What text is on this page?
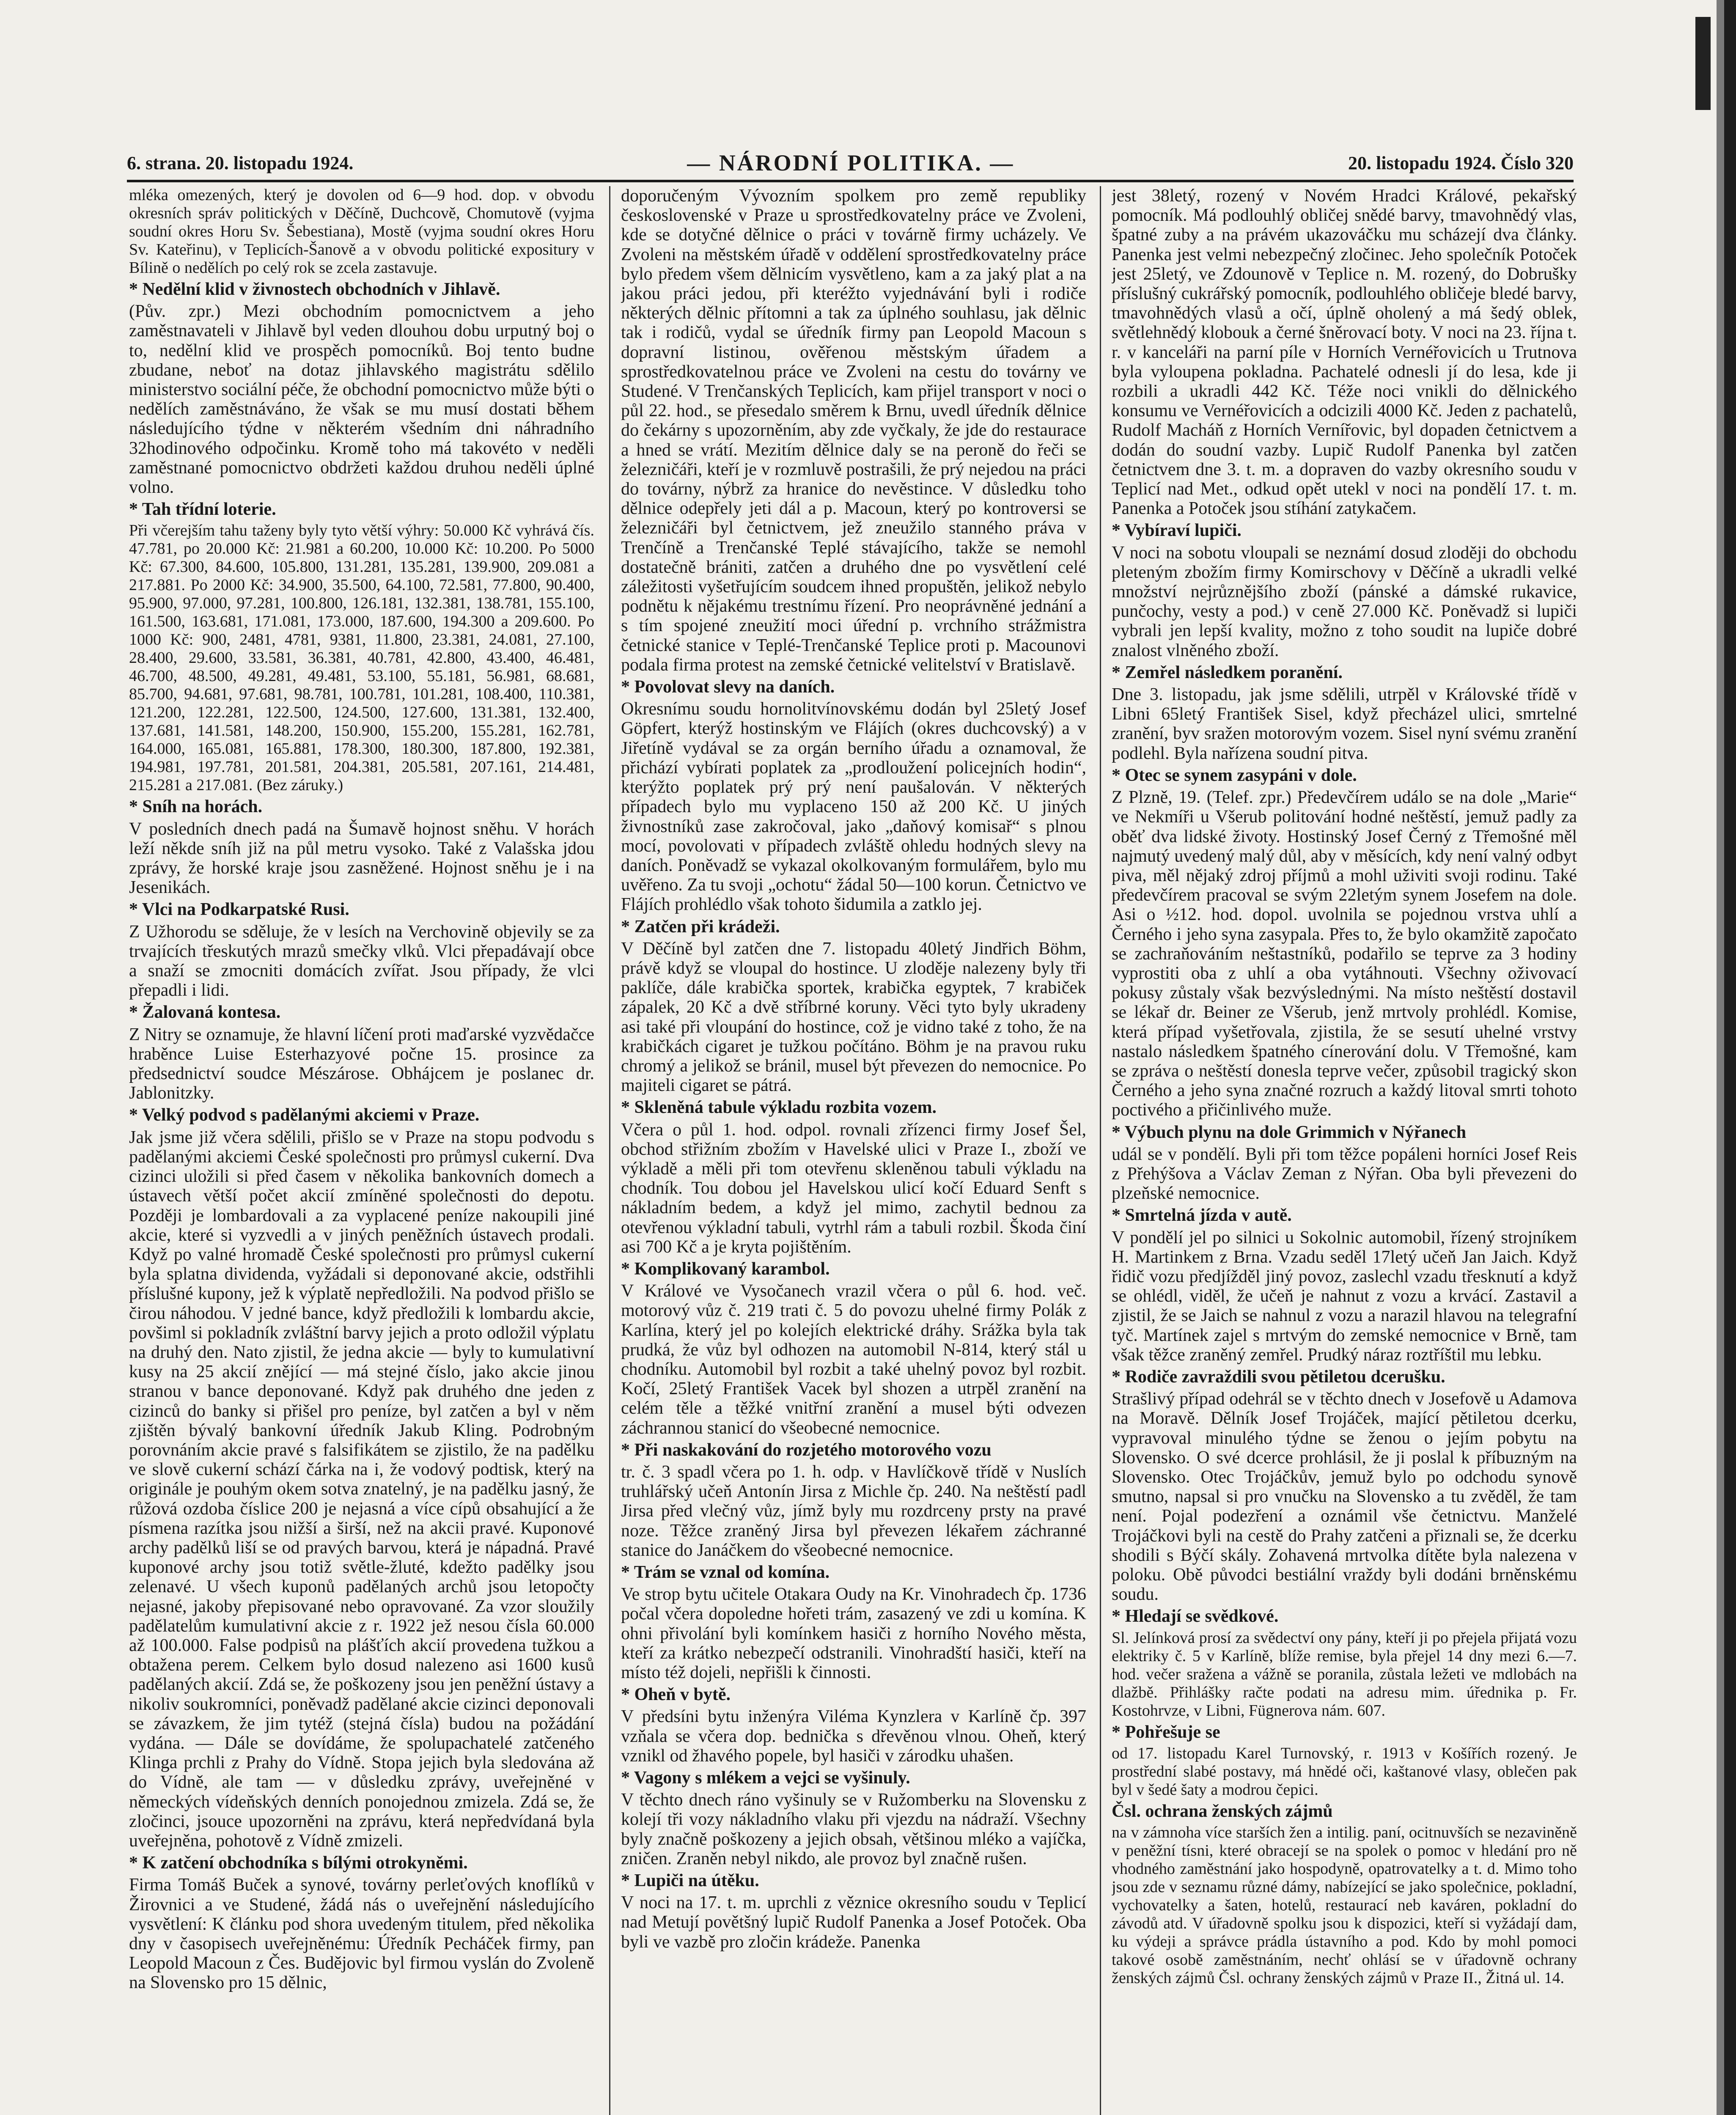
6. strana. 20. listopadu 1924.	— NÁRODNÍ POLITIKA. —	20. listopadu 1924. Číslo 320

mléka omezených, který je dovolen od 6—9 hod. dop. v obvodu okresních správ politických v Děčíně, Duchcově, Chomutově (vyjma soudní okres Horu Sv. Šebestiana), Mostě (vyjma soudní okres Horu Sv. Kateřinu), v Teplicích-Šanově a v obvodu politické expositury v Bílině o nedělích po celý rok se zcela zastavuje.

* Nedělní klid v živnostech obchodních v Jihlavě.

(Pův. zpr.) Mezi obchodním pomocnictvem a jeho zaměstnavateli v Jihlavě byl veden dlouhou dobu urputný boj o to, nedělní klid ve prospěch pomocníků. Boj tento budne zbudane, neboť na dotaz jihlavského magistrátu sdělilo ministerstvo sociální péče, že obchodní pomocnictvo může býti o nedělích zaměstnáváno, že však se mu musí dostati během následujícího týdne v některém všedním dni náhradního 32hodinového odpočinku. Kromě toho má takovéto v neděli zaměstnané pomocnictvo obdržeti každou druhou neděli úplné volno.

* Tah třídní loterie.

Při včerejším tahu taženy byly tyto větší výhry: 50.000 Kč vyhrává čís. 47.781, po 20.000 Kč: 21.981 a 60.200, 10.000 Kč: 10.200. Po 5000 Kč: 67.300, 84.600, 105.800, 131.281, 135.281, 139.900, 209.081 a 217.881. Po 2000 Kč: 34.900, 35.500, 64.100, 72.581, 77.800, 90.400, 95.900, 97.000, 97.281, 100.800, 126.181, 132.381, 138.781, 155.100, 161.500, 163.681, 171.081, 173.000, 187.600, 194.300 a 209.600. Po 1000 Kč: 900, 2481, 4781, 9381, 11.800, 23.381, 24.081, 27.100, 28.400, 29.600, 33.581, 36.381, 40.781, 42.800, 43.400, 46.481, 46.700, 48.500, 49.281, 49.481, 53.100, 55.181, 56.981, 68.681, 85.700, 94.681, 97.681, 98.781, 100.781, 101.281, 108.400, 110.381, 121.200, 122.281, 122.500, 124.500, 127.600, 131.381, 132.400, 137.681, 141.581, 148.200, 150.900, 155.200, 155.281, 162.781, 164.000, 165.081, 165.881, 178.300, 180.300, 187.800, 192.381, 194.981, 197.781, 201.581, 204.381, 205.581, 207.161, 214.481, 215.281 a 217.081. (Bez záruky.)

* Sníh na horách.

V posledních dnech padá na Šumavě hojnost sněhu. V horách leží někde sníh již na půl metru vysoko. Také z Valašska jdou zprávy, že horské kraje jsou zasněžené. Hojnost sněhu je i na Jesenikách.

* Vlci na Podkarpatské Rusi.

Z Užhorodu se sděluje, že v lesích na Verchovině objevily se za trvajících třeskutých mrazů smečky vlků. Vlci přepadávají obce a snaží se zmocniti domácích zvířat. Jsou případy, že vlci přepadli i lidi.

* Žalovaná kontesa.

Z Nitry se oznamuje, že hlavní líčení proti maďarské vyzvědačce hraběnce Luise Esterhazyové počne 15. prosince za předsednictví soudce Mészárose. Obhájcem je poslanec dr. Jablonitzky.

* Velký podvod s padělanými akciemi v Praze.

Jak jsme již včera sdělili, přišlo se v Praze na stopu podvodu s padělanými akciemi České společnosti pro průmysl cukerní. Dva cizinci uložili si před časem v několika bankovních domech a ústavech větší počet akcií zmíněné společnosti do depotu. Později je lombardovali a za vyplacené peníze nakoupili jiné akcie, které si vyzvedli a v jiných peněžních ústavech prodali. Když po valné hromadě České společnosti pro průmysl cukerní byla splatna dividenda, vyžádali si deponované akcie, odstřihli příslušné kupony, jež k výplatě nepředložili. Na podvod přišlo se čirou náhodou. V jedné bance, když předložili k lombardu akcie, povšiml si pokladník zvláštní barvy jejich a proto odložil výplatu na druhý den. Nato zjistil, že jedna akcie — byly to kumulativní kusy na 25 akcií znějící — má stejné číslo, jako akcie jinou stranou v bance deponované. Když pak druhého dne jeden z cizinců do banky si přišel pro peníze, byl zatčen a byl v něm zjištěn bývalý bankovní úředník Jakub Kling. Podrobným porovnáním akcie pravé s falsifikátem se zjistilo, že na padělku ve slově cukerní schází čárka na i, že vodový podtisk, který na originále je pouhým okem sotva znatelný, je na padělku jasný, že růžová ozdoba číslice 200 je nejasná a více cípů obsahující a že písmena razítka jsou nižší a širší, než na akcii pravé. Kuponové archy padělků liší se od pravých barvou, která je nápadná. Pravé kuponové archy jsou totiž světle-žluté, kdežto padělky jsou zelenavé. U všech kuponů padělaných archů jsou letopočty nejasné, jakoby přepisované nebo opravované. Za vzor sloužily padělatelům kumulativní akcie z r. 1922 jež nesou čísla 60.000 až 100.000. False podpisů na plášťích akcií provedena tužkou a obtažena perem. Celkem bylo dosud nalezeno asi 1600 kusů padělaných akcií. Zdá se, že poškozeny jsou jen peněžní ústavy a nikoliv soukromníci, poněvadž padělané akcie cizinci deponovali se závazkem, že jim tytéž (stejná čísla) budou na požádání vydána. — Dále se dovídáme, že spolupachatelé zatčeného Klinga prchli z Prahy do Vídně. Stopa jejich byla sledována až do Vídně, ale tam — v důsledku zprávy, uveřejněné v německých vídeňských denních ponojednou zmizela. Zdá se, že zločinci, jsouce upozorněni na zprávu, která nepředvídaná byla uveřejněna, pohotově z Vídně zmizeli.

* K zatčení obchodníka s bílými otrokyněmi.

Firma Tomáš Buček a synové, továrny perleťových knoflíků v Žirovnici a ve Studené, žádá nás o uveřejnění následujícího vysvětlení: K článku pod shora uvedeným titulem, před několika dny v časopisech uveřejněnému: Úředník Pecháček firmy, pan Leopold Macoun z Čes. Budějovic byl firmou vyslán do Zvoleně na Slovensko pro 15 dělnic,

doporučeným Vývozním spolkem pro země republiky československé v Praze u sprostředkovatelny práce ve Zvoleni, kde se dotyčné dělnice o práci v továrně firmy ucházely. Ve Zvoleni na městském úřadě v oddělení sprostředkovatelny práce bylo předem všem dělnicím vysvětleno, kam a za jaký plat a na jakou práci jedou, při kteréžto vyjednávání byli i rodiče některých dělnic přítomni a tak za úplného souhlasu, jak dělnic tak i rodičů, vydal se úředník firmy pan Leopold Macoun s dopravní listinou, ověřenou městským úřadem a sprostředkovatelnou práce ve Zvoleni na cestu do továrny ve Studené. V Trenčanských Teplicích, kam přijel transport v noci o půl 22. hod., se přesedalo směrem k Brnu, uvedl úředník dělnice do čekárny s upozorněním, aby zde vyčkaly, že jde do restaurace a hned se vrátí. Mezitím dělnice daly se na peroně do řeči se železničáři, kteří je v rozmluvě postrašili, že prý nejedou na práci do továrny, nýbrž za hranice do nevěstince. V důsledku toho dělnice odepřely jeti dál a p. Macoun, který po kontroversi se železničáři byl četnictvem, jež zneužilo stanného práva v Trenčíně a Trenčanské Teplé stávajícího, takže se nemohl dostatečně brániti, zatčen a druhého dne po vysvětlení celé záležitosti vyšetřujícím soudcem ihned propuštěn, jelikož nebylo podnětu k nějakému trestnímu řízení. Pro neoprávněné jednání a s tím spojené zneužití moci úřední p. vrchního strážmistra četnické stanice v Teplé-Trenčanské Teplice proti p. Macounovi podala firma protest na zemské četnické velitelství v Bratislavě.

* Povolovat slevy na daních.

Okresnímu soudu hornolitvínovskému dodán byl 25letý Josef Göpfert, kterýž hostinským ve Flájích (okres duchcovský) a v Jiřetíně vydával se za orgán berního úřadu a oznamoval, že přichází vybírati poplatek za „prodloužení policejních hodin“, kterýžto poplatek prý prý není paušalován. V některých případech bylo mu vyplaceno 150 až 200 Kč. U jiných živnostníků zase zakročoval, jako „daňový komisař“ s plnou mocí, povolovati v případech zvláště ohledu hodných slevy na daních. Poněvadž se vykazal okolkovaným formulářem, bylo mu uvěřeno. Za tu svoji „ochotu“ žádal 50—100 korun. Četnictvo ve Flájích prohlédlo však tohoto šidumila a zatklo jej.

* Zatčen při krádeži.

V Děčíně byl zatčen dne 7. listopadu 40letý Jindřich Böhm, právě když se vloupal do hostince. U zloděje nalezeny byly tři paklíče, dále krabička sportek, krabička egyptek, 7 krabiček zápalek, 20 Kč a dvě stříbrné koruny. Věci tyto byly ukradeny asi také při vloupání do hostince, což je vidno také z toho, že na krabičkách cigaret je tužkou počítáno. Böhm je na pravou ruku chromý a jelikož se bránil, musel být převezen do nemocnice. Po majiteli cigaret se pátrá.

* Skleněná tabule výkladu rozbita vozem.

Včera o půl 1. hod. odpol. rovnali zřízenci firmy Josef Šel, obchod střižním zbožím v Havelské ulici v Praze I., zboží ve výkladě a měli při tom otevřenu skleněnou tabuli výkladu na chodník. Tou dobou jel Havelskou ulicí kočí Eduard Senft s nákladním bedem, a když jel mimo, zachytil bednou za otevřenou výkladní tabuli, vytrhl rám a tabuli rozbil. Škoda činí asi 700 Kč a je kryta pojištěním.

* Komplikovaný karambol.

V Králové ve Vysočanech vrazil včera o půl 6. hod. več. motorový vůz č. 219 trati č. 5 do povozu uhelné firmy Polák z Karlína, který jel po kolejích elektrické dráhy. Srážka byla tak prudká, že vůz byl odhozen na automobil N-814, který stál u chodníku. Automobil byl rozbit a také uhelný povoz byl rozbit. Kočí, 25letý František Vacek byl shozen a utrpěl zranění na celém těle a těžké vnitřní zranění a musel býti odvezen záchrannou stanicí do všeobecné nemocnice.

* Při naskakování do rozjetého motorového vozu

tr. č. 3 spadl včera po 1. h. odp. v Havlíčkově třídě v Nuslích truhlářský učeň Antonín Jirsa z Michle čp. 240. Na neštěstí padl Jirsa před vlečný vůz, jímž byly mu rozdrceny prsty na pravé noze. Těžce zraněný Jirsa byl převezen lékařem záchranné stanice do Janáčkem do všeobecné nemocnice.

* Trám se vznal od komína.

Ve strop bytu učitele Otakara Oudy na Kr. Vinohradech čp. 1736 počal včera dopoledne hořeti trám, zasazený ve zdi u komína. K ohni přivolání byli komínkem hasiči z horního Nového města, kteří za krátko nebezpečí odstranili. Vinohradští hasiči, kteří na místo též dojeli, nepřišli k činnosti.

* Oheň v bytě.

V předsíni bytu inženýra Viléma Kynzlera v Karlíně čp. 397 vzňala se včera dop. bednička s dřevěnou vlnou. Oheň, který vznikl od žhavého popele, byl hasiči v zárodku uhašen.

* Vagony s mlékem a vejci se vyšinuly.

V těchto dnech ráno vyšinuly se v Ružomberku na Slovensku z kolejí tři vozy nákladního vlaku při vjezdu na nádraží. Všechny byly značně poškozeny a jejich obsah, většinou mléko a vajíčka, zničen. Zraněn nebyl nikdo, ale provoz byl značně rušen.

* Lupiči na útěku.

V noci na 17. t. m. uprchli z věznice okresního soudu v Teplicí nad Metují povětšný lupič Rudolf Panenka a Josef Potoček. Oba byli ve vazbě pro zločin krádeže. Panenka

jest 38letý, rozený v Novém Hradci Králové, pekařský pomocník. Má podlouhlý obličej snědé barvy, tmavohnědý vlas, špatné zuby a na právém ukazováčku mu scházejí dva články. Panenka jest velmi nebezpečný zločinec. Jeho společník Potoček jest 25letý, ve Zdounově v Teplice n. M. rozený, do Dobrušky příslušný cukrářský pomocník, podlouhlého obličeje bledé barvy, tmavohnědých vlasů a očí, úplně oholený a má šedý oblek, světlehnědý klobouk a černé šněrovací boty. V noci na 23. října t. r. v kanceláři na parní píle v Horních Vernéřovicích u Trutnova byla vyloupena pokladna. Pachatelé odnesli jí do lesa, kde ji rozbili a ukradli 442 Kč. Téže noci vnikli do dělnického konsumu ve Vernéřovicích a odcizili 4000 Kč. Jeden z pachatelů, Rudolf Macháň z Horních Vernířovic, byl dopaden četnictvem a dodán do soudní vazby. Lupič Rudolf Panenka byl zatčen četnictvem dne 3. t. m. a dopraven do vazby okresního soudu v Teplicí nad Met., odkud opět utekl v noci na pondělí 17. t. m. Panenka a Potoček jsou stíhání zatykačem.

* Vybíraví lupiči.

V noci na sobotu vloupali se neznámí dosud zloději do obchodu pleteným zbožím firmy Komirschovy v Děčíně a ukradli velké množství nejrůznějšího zboží (pánské a dámské rukavice, punčochy, vesty a pod.) v ceně 27.000 Kč. Poněvadž si lupiči vybrali jen lepší kvality, možno z toho soudit na lupiče dobré znalost vlněného zboží.

* Zemřel následkem poranění.

Dne 3. listopadu, jak jsme sdělili, utrpěl v Královské třídě v Libni 65letý František Sisel, když přecházel ulici, smrtelné zranění, byv sražen motorovým vozem. Sisel nyní svému zranění podlehl. Byla nařízena soudní pitva.

* Otec se synem zasypáni v dole.

Z Plzně, 19. (Telef. zpr.) Předevčírem událo se na dole „Marie“ ve Nekmíři u Všerub politování hodné neštěstí, jemuž padly za oběť dva lidské životy. Hostinský Josef Černý z Třemošné měl najmutý uvedený malý důl, aby v měsících, kdy není valný odbyt piva, měl nějaký zdroj příjmů a mohl uživiti svoji rodinu. Také předevčírem pracoval se svým 22letým synem Josefem na dole. Asi o ½12. hod. dopol. uvolnila se pojednou vrstva uhlí a Černého i jeho syna zasypala. Přes to, že bylo okamžitě započato se zachraňováním neštastníků, podařilo se teprve za 3 hodiny vyprostiti oba z uhlí a oba vytáhnouti. Všechny oživovací pokusy zůstaly však bezvýslednými. Na místo neštěstí dostavil se lékař dr. Beiner ze Všerub, jenž mrtvoly prohlédl. Komise, která případ vyšetřovala, zjistila, že se sesutí uhelné vrstvy nastalo následkem špatného cínerování dolu. V Třemošné, kam se zpráva o neštěstí donesla teprve večer, způsobil tragický skon Černého a jeho syna značné rozruch a každý litoval smrti tohoto poctivého a přičinlivého muže.

* Výbuch plynu na dole Grimmich v Nýřanech

udál se v pondělí. Byli při tom těžce popáleni horníci Josef Reis z Přehýšova a Václav Zeman z Nýřan. Oba byli převezeni do plzeňské nemocnice.

* Smrtelná jízda v autě.

V pondělí jel po silnici u Sokolnic automobil, řízený strojníkem H. Martinkem z Brna. Vzadu seděl 17letý učeň Jan Jaich. Když řidič vozu předjížděl jiný povoz, zaslechl vzadu třesknutí a když se ohlédl, viděl, že učeň je nahnut z vozu a krvácí. Zastavil a zjistil, že se Jaich se nahnul z vozu a narazil hlavou na telegrafní tyč. Martínek zajel s mrtvým do zemské nemocnice v Brně, tam však těžce zraněný zemřel. Prudký náraz roztříštil mu lebku.

* Rodiče zavraždili svou pětiletou dcerušku.

Strašlivý případ odehrál se v těchto dnech v Josefově u Adamova na Moravě. Dělník Josef Trojáček, mající pětiletou dcerku, vypravoval minulého týdne se ženou o jejím pobytu na Slovensko. O své dcerce prohlásil, že ji poslal k příbuzným na Slovensko. Otec Trojáčkův, jemuž bylo po odchodu synově smutno, napsal si pro vnučku na Slovensko a tu zvěděl, že tam není. Pojal podezření a oznámil vše četnictvu. Manželé Trojáčkovi byli na cestě do Prahy zatčeni a přiznali se, že dcerku shodili s Býčí skály. Zohavená mrtvolka dítěte byla nalezena v poloku. Obě původci bestiální vraždy byli dodáni brněnskému soudu.

* Hledají se svědkové.

Sl. Jelínková prosí za svědectví ony pány, kteří ji po přejela přijatá vozu elektriky č. 5 v Karlíně, blíže remise, byla přejel 14 dny mezi 6.—7. hod. večer sražena a vážně se poranila, zůstala ležeti ve mdlobách na dlažbě. Přihlášky račte podati na adresu mim. úřednika p. Fr. Kostohrvze, v Libni, Fügnerova nám. 607.

* Pohřešuje se

od 17. listopadu Karel Turnovský, r. 1913 v Košířích rozený. Je prostřední slabé postavy, má hnědé oči, kaštanové vlasy, oblečen pak byl v šedé šaty a modrou čepici.

Čsl. ochrana ženských zájmů

na v zámnoha více starších žen a intilig. paní, ocitnuvších se nezaviněně v peněžní tísni, které obracejí se na spolek o pomoc v hledání pro ně vhodného zaměstnání jako hospodyně, opatrovatelky a t. d. Mimo toho jsou zde v seznamu různé dámy, nabízející se jako společnice, pokladní, vychovatelky a šaten, hotelů, restaurací neb kaváren, pokladní do závodů atd. V úřadovně spolku jsou k dispozici, kteří si vyžádají dam, ku výdeji a správce prádla ústavního a pod. Kdo by mohl pomoci takové osobě zaměstnáním, nechť ohlásí se v úřadovně ochrany ženských zájmů Čsl. ochrany ženských zájmů v Praze II., Žitná ul. 14.
